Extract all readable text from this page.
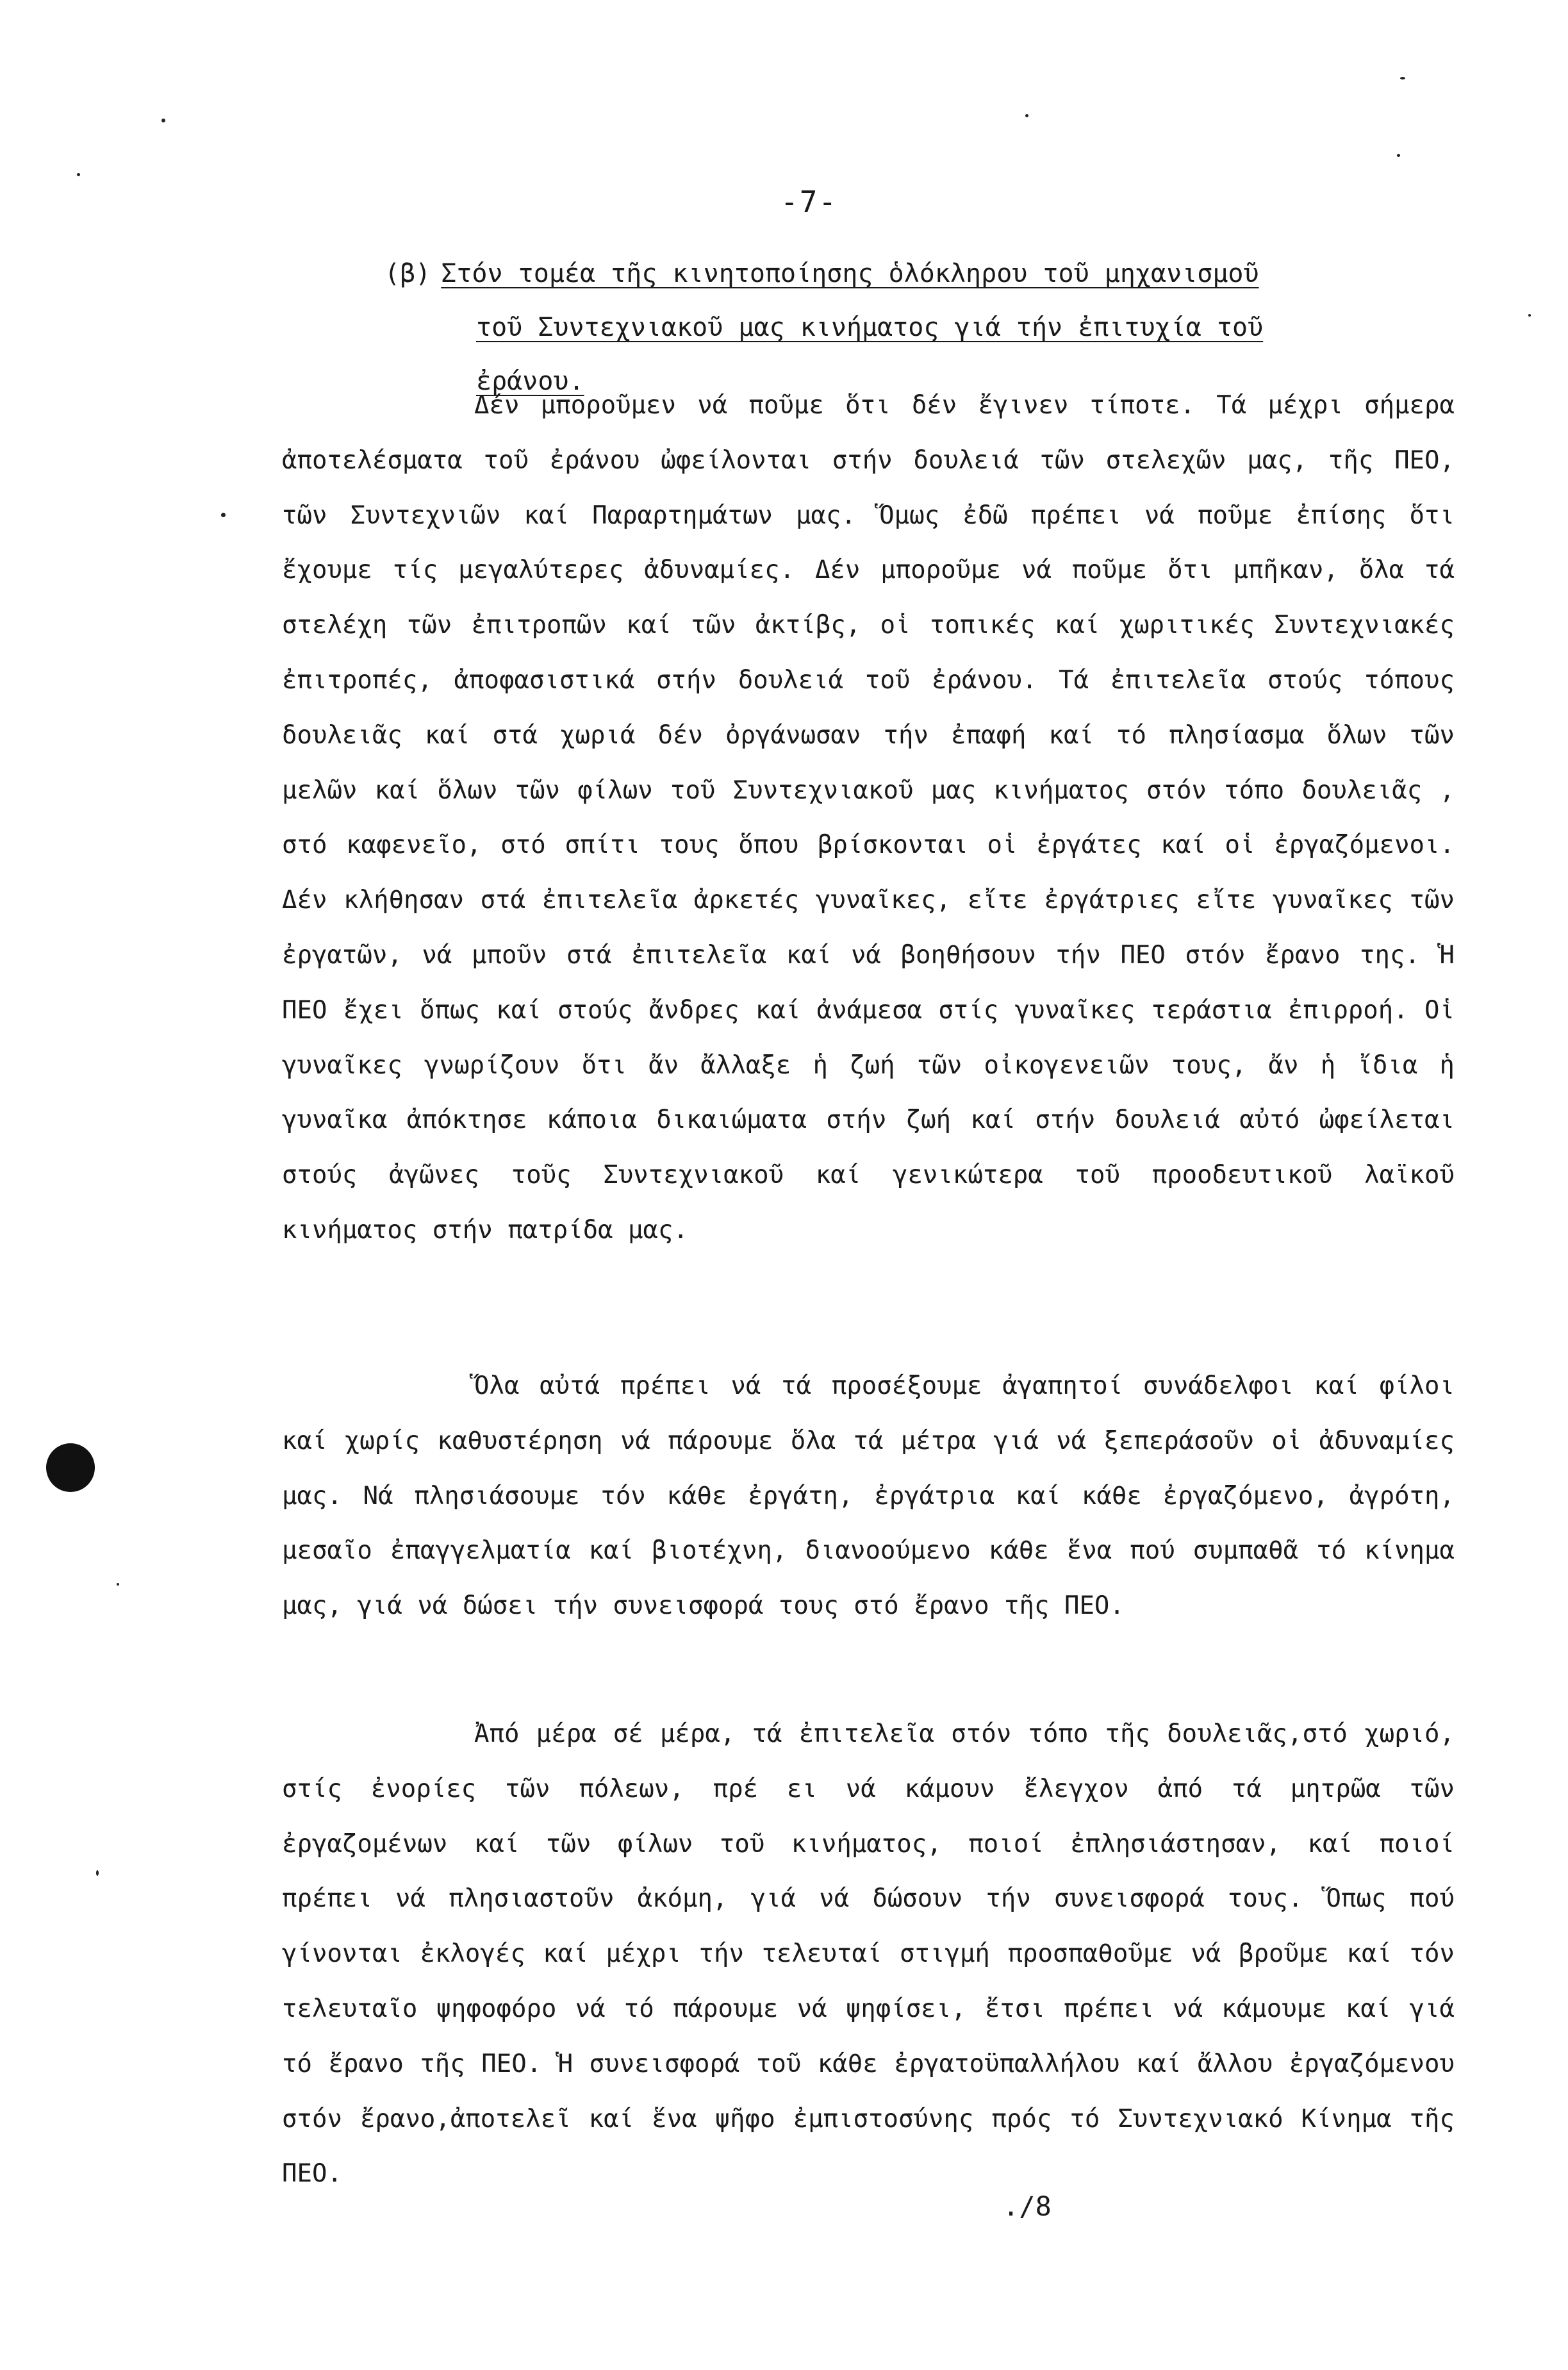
-7-
(β) Στόν τομέα τῆς κινητοποίησης ὁλόκληρου τοῦ μηχανισμοῦ
τοῦ Συντεχνιακοῦ μας κινήματος γιά τήν ἐπιτυχία τοῦ
ἐράνου.
Δέν μποροῦμεν νά ποῦμε ὅτι δέν ἔγινεν τίποτε. Τά μέχρι σήμερα ἀποτελέσματα τοῦ ἐράνου ὠφείλονται στήν δουλειά τῶν στελεχῶν μας, τῆς ΠΕΟ, τῶν Συντεχνιῶν καί Παραρτημάτων μας. Ὅμως ἐδῶ πρέπει νά ποῦμε ἐπίσης ὅτι ἔχουμε τίς μεγαλύτερες ἀδυναμίες. Δέν μποροῦμε νά ποῦμε ὅτι μπῆκαν, ὅλα τά στελέχη τῶν ἐπιτροπῶν καί τῶν ἀκτίβς, οἱ τοπικές καί χωριτικές Συντεχνιακές ἐπιτροπές, ἀποφασιστικά στήν δουλειά τοῦ ἐράνου. Τά ἐπιτελεῖα στούς τόπους δουλειᾶς καί στά χωριά δέν ὀργάνωσαν τήν ἐπαφή καί τό πλησίασμα ὅλων τῶν μελῶν καί ὅλων τῶν φίλων τοῦ Συντεχνιακοῦ μας κινήματος στόν τόπο δουλειᾶς , στό καφενεῖο, στό σπίτι τους ὅπου βρίσκονται οἱ ἐργάτες καί οἱ ἐργαζόμενοι. Δέν κλήθησαν στά ἐπιτελεῖα ἀρκετές γυναῖκες, εἴτε ἐργάτριες εἴτε γυναῖκες τῶν ἐργατῶν, νά μποῦν στά ἐπιτελεῖα καί νά βοηθήσουν τήν ΠΕΟ στόν ἔρανο της. Ἡ ΠΕΟ ἔχει ὅπως καί στούς ἄνδρες καί ἀνάμεσα στίς γυναῖκες τεράστια ἐπιρροή. Οἱ γυναῖκες γνωρίζουν ὅτι ἄν ἄλλαξε ἡ ζωή τῶν οἰκογενειῶν τους, ἄν ἡ ἴδια ἡ γυναῖκα ἀπόκτησε κάποια δικαιώματα στήν ζωή καί στήν δουλειά αὐτό ὠφείλεται στούς ἀγῶνες τοῦς Συντεχνιακοῦ καί γενικώτερα τοῦ προοδευτικοῦ λαϊκοῦ κινήματος στήν πατρίδα μας.
Ὅλα αὐτά πρέπει νά τά προσέξουμε ἀγαπητοί συνάδελφοι καί φίλοι καί χωρίς καθυστέρηση νά πάρουμε ὅλα τά μέτρα γιά νά ξεπεράσοῦν οἱ ἀδυναμίες μας. Νά πλησιάσουμε τόν κάθε ἐργάτη, ἐργάτρια καί κάθε ἐργαζόμενο, ἀγρότη, μεσαῖο ἐπαγγελματία καί βιοτέχνη, διανοούμενο κάθε ἕνα πού συμπαθᾶ τό κίνημα μας, γιά νά δώσει τήν συνεισφορά τους στό ἔρανο τῆς ΠΕΟ.
Ἀπό μέρα σέ μέρα, τά ἐπιτελεῖα στόν τόπο τῆς δουλειᾶς,στό χωριό, στίς ἐνορίες τῶν πόλεων, πρέ ει νά κάμουν ἔλεγχον ἀπό τά μητρῶα τῶν ἐργαζομένων καί τῶν φίλων τοῦ κινήματος, ποιοί ἐπλησιάστησαν, καί ποιοί πρέπει νά πλησιαστοῦν ἀκόμη, γιά νά δώσουν τήν συνεισφορά τους. Ὅπως πού γίνονται ἐκλογές καί μέχρι τήν τελευταί στιγμή προσπαθοῦμε νά βροῦμε καί τόν τελευταῖο ψηφοφόρο νά τό πάρουμε νά ψηφίσει, ἔτσι πρέπει νά κάμουμε καί γιά τό ἔρανο τῆς ΠΕΟ. Ἡ συνεισφορά τοῦ κάθε ἐργατοϋπαλλήλου καί ἄλλου ἐργαζόμενου στόν ἔρανο,ἀποτελεῖ καί ἕνα ψῆφο ἐμπιστοσύνης πρός τό Συντεχνιακό Κίνημα τῆς ΠΕΟ.
./8
